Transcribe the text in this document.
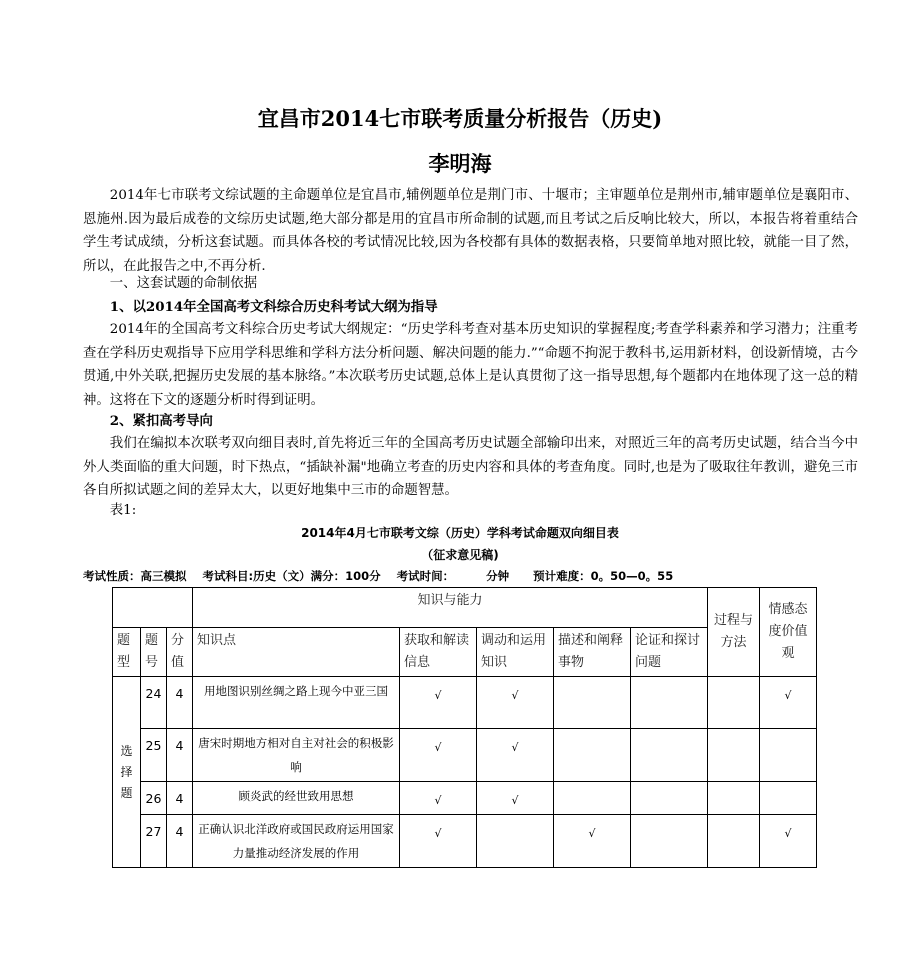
宜昌市2014七市联考质量分析报告（历史)
李明海

2014年七市联考文综试题的主命题单位是宜昌市,辅例题单位是荆门市、十堰市；主审题单位是荆州市,辅审题单位是襄阳市、恩施州.因为最后成卷的文综历史试题,绝大部分都是用的宜昌市所命制的试题,而且考试之后反响比较大，所以，本报告将着重结合学生考试成绩，分析这套试题。而具体各校的考试情况比较,因为各校都有具体的数据表格，只要简单地对照比较，就能一目了然，所以，在此报告之中,不再分析.

一、这套试题的命制依据

1、以2014年全国高考文科综合历史科考试大纲为指导

2014年的全国高考文科综合历史考试大纲规定：“历史学科考查对基本历史知识的掌握程度;考查学科素养和学习潜力；注重考查在学科历史观指导下应用学科思维和学科方法分析问题、解决问题的能力.”“命题不拘泥于教科书,运用新材料，创设新情境，古今贯通,中外关联,把握历史发展的基本脉络。”本次联考历史试题,总体上是认真贯彻了这一指导思想,每个题都内在地体现了这一总的精神。这将在下文的逐题分析时得到证明。

2、紧扣高考导向

我们在编拟本次联考双向细目表时,首先将近三年的全国高考历史试题全部输印出来，对照近三年的高考历史试题，结合当今中外人类面临的重大问题，时下热点，“插缺补漏"地确立考查的历史内容和具体的考查角度。同时,也是为了吸取往年教训，避免三市各自所拟试题之间的差异太大，以更好地集中三市的命题智慧。

表1:

2014年4月七市联考文综（历史）学科考试命题双向细目表
（征求意见稿)
考试性质：高三模拟    考试科目:历史（文）满分：100分    考试时间：        分钟      预计难度：0。50—0。55
			知识与能力					过程与方法	情感态度价值观
题型	题号	分值	知识点	获取和解读信息	调动和运用知识	描述和阐释事物	论证和探讨问题		
选择题	24	4	用地图识别丝绸之路上现今中亚三国	√	√				√
	25	4	唐宋时期地方相对自主对社会的积极影响	√	√				
	26	4	顾炎武的经世致用思想	√	√				
	27	4	正确认识北洋政府或国民政府运用国家力量推动经济发展的作用	√		√			√
